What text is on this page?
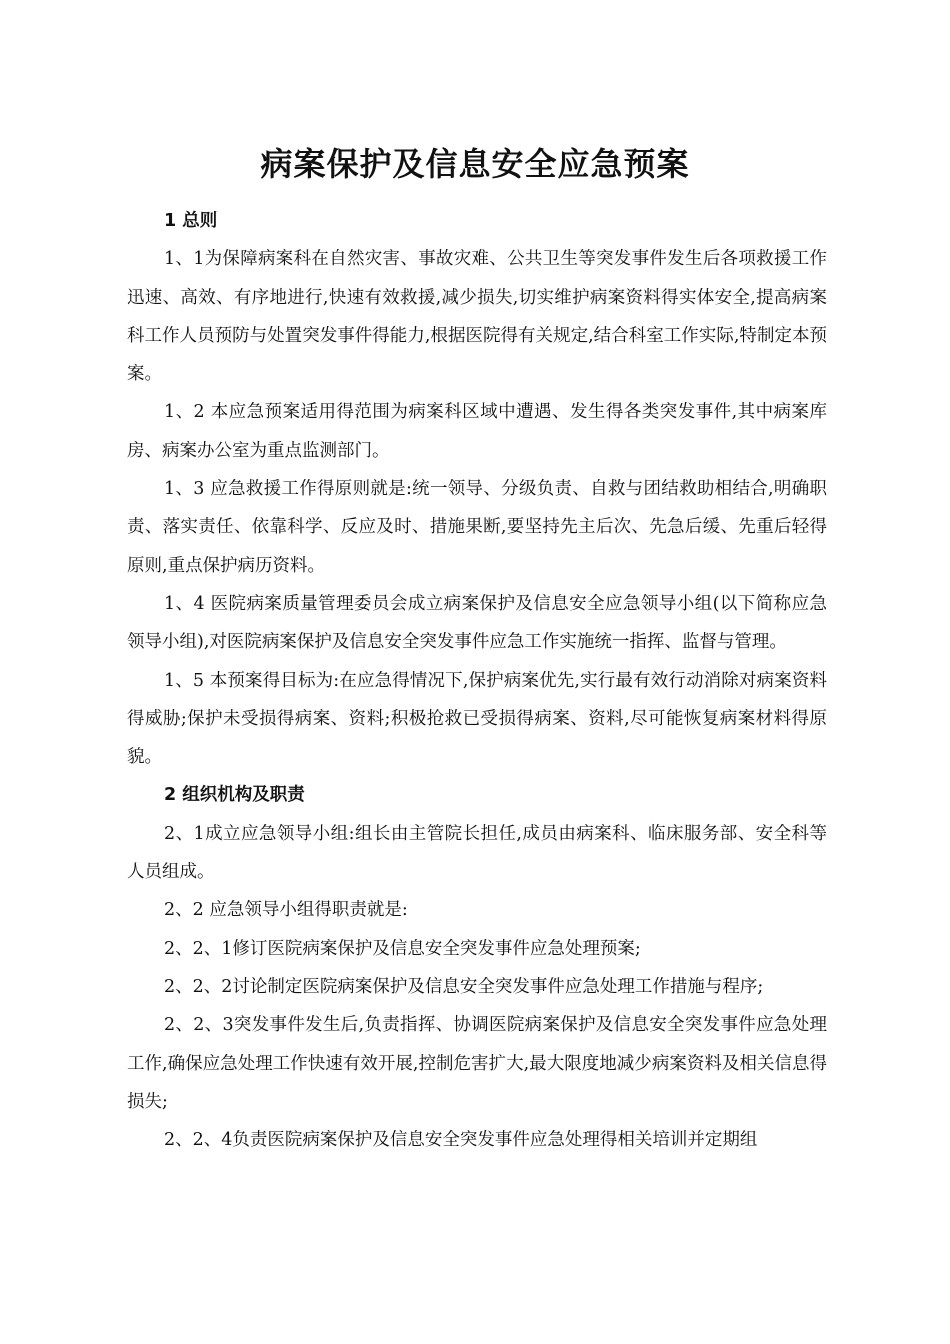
病案保护及信息安全应急预案

1 总则

1、1为保障病案科在自然灾害、事故灾难、公共卫生等突发事件发生后各项救援工作迅速、高效、有序地进行,快速有效救援,减少损失,切实维护病案资料得实体安全,提高病案科工作人员预防与处置突发事件得能力,根据医院得有关规定,结合科室工作实际,特制定本预案。

1、2 本应急预案适用得范围为病案科区域中遭遇、发生得各类突发事件,其中病案库房、病案办公室为重点监测部门。

1、3 应急救援工作得原则就是:统一领导、分级负责、自救与团结救助相结合,明确职责、落实责任、依靠科学、反应及时、措施果断,要坚持先主后次、先急后缓、先重后轻得原则,重点保护病历资料。

1、4 医院病案质量管理委员会成立病案保护及信息安全应急领导小组(以下简称应急领导小组),对医院病案保护及信息安全突发事件应急工作实施统一指挥、监督与管理。

1、5 本预案得目标为:在应急得情况下,保护病案优先,实行最有效行动消除对病案资料得威胁;保护未受损得病案、资料;积极抢救已受损得病案、资料,尽可能恢复病案材料得原貌。

2 组织机构及职责

2、1成立应急领导小组:组长由主管院长担任,成员由病案科、临床服务部、安全科等人员组成。

2、2 应急领导小组得职责就是:

2、2、1修订医院病案保护及信息安全突发事件应急处理预案;

2、2、2讨论制定医院病案保护及信息安全突发事件应急处理工作措施与程序;

2、2、3突发事件发生后,负责指挥、协调医院病案保护及信息安全突发事件应急处理工作,确保应急处理工作快速有效开展,控制危害扩大,最大限度地减少病案资料及相关信息得损失;

2、2、4负责医院病案保护及信息安全突发事件应急处理得相关培训并定期组
